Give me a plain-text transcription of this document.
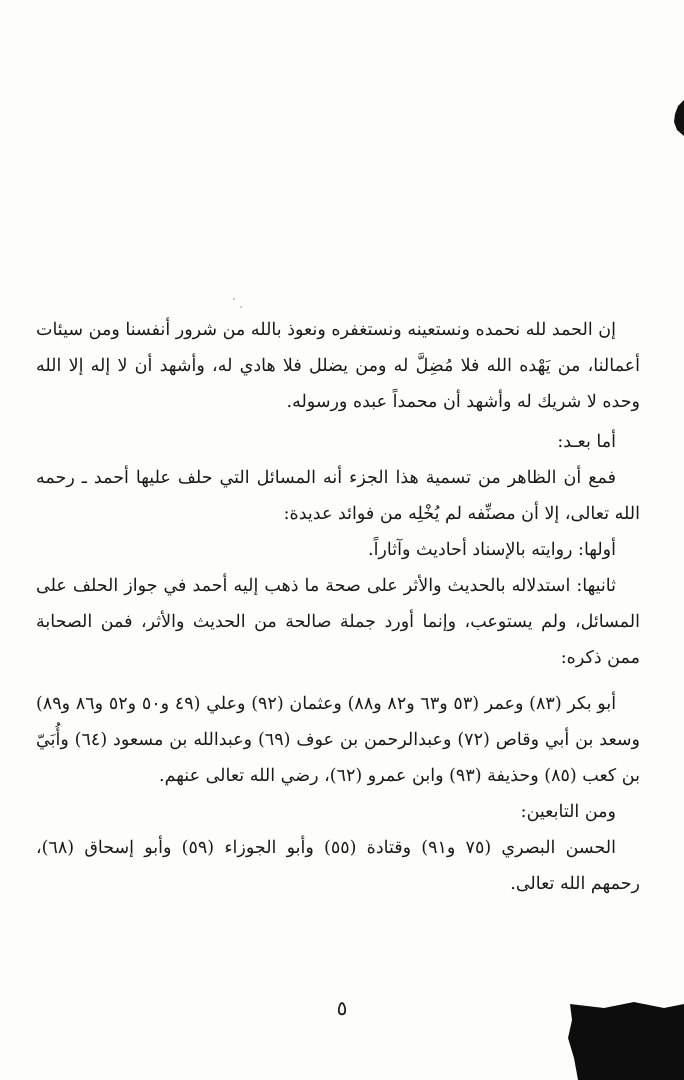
إن الحمد لله نحمده ونستعينه ونستغفره ونعوذ بالله من شرور أنفسنا ومن سيئات أعمالنا، من يَهْده الله فلا مُضِلَّ له ومن يضلل فلا هادي له، وأشهد أن لا إله إلا الله وحده لا شريك له وأشهد أن محمداً عبده ورسوله.

أما بعـد:

فمع أن الظاهر من تسمية هذا الجزء أنه المسائل التي حلف عليها أحمد ـ رحمه الله تعالى، إلا أن مصنِّفه لم يُخْلِه من فوائد عديدة:

أولها: روايته بالإسناد أحاديث وآثاراً.

ثانيها: استدلاله بالحديث والأثر على صحة ما ذهب إليه أحمد في جواز الحلف على المسائل، ولم يستوعب، وإنما أورد جملة صالحة من الحديث والأثر، فمن الصحابة ممن ذكره:

أبو بكر (٨٣) وعمر (٥٣ و٦٣ و٨٢ و٨٨) وعثمان (٩٢) وعلي (٤٩ و٥٠ و٥٢ و٨٦ و٨٩) وسعد بن أبي وقاص (٧٢) وعبدالرحمن بن عوف (٦٩) وعبدالله بن مسعود (٦٤) وأُبَيّ بن كعب (٨٥) وحذيفة (٩٣) وابن عمرو (٦٢)، رضي الله تعالى عنهم.

ومن التابعين:

الحسن البصري (٧٥ و٩١) وقتادة (٥٥) وأبو الجوزاء (٥٩) وأبو إسحاق (٦٨)، رحمهم الله تعالى.

٥
